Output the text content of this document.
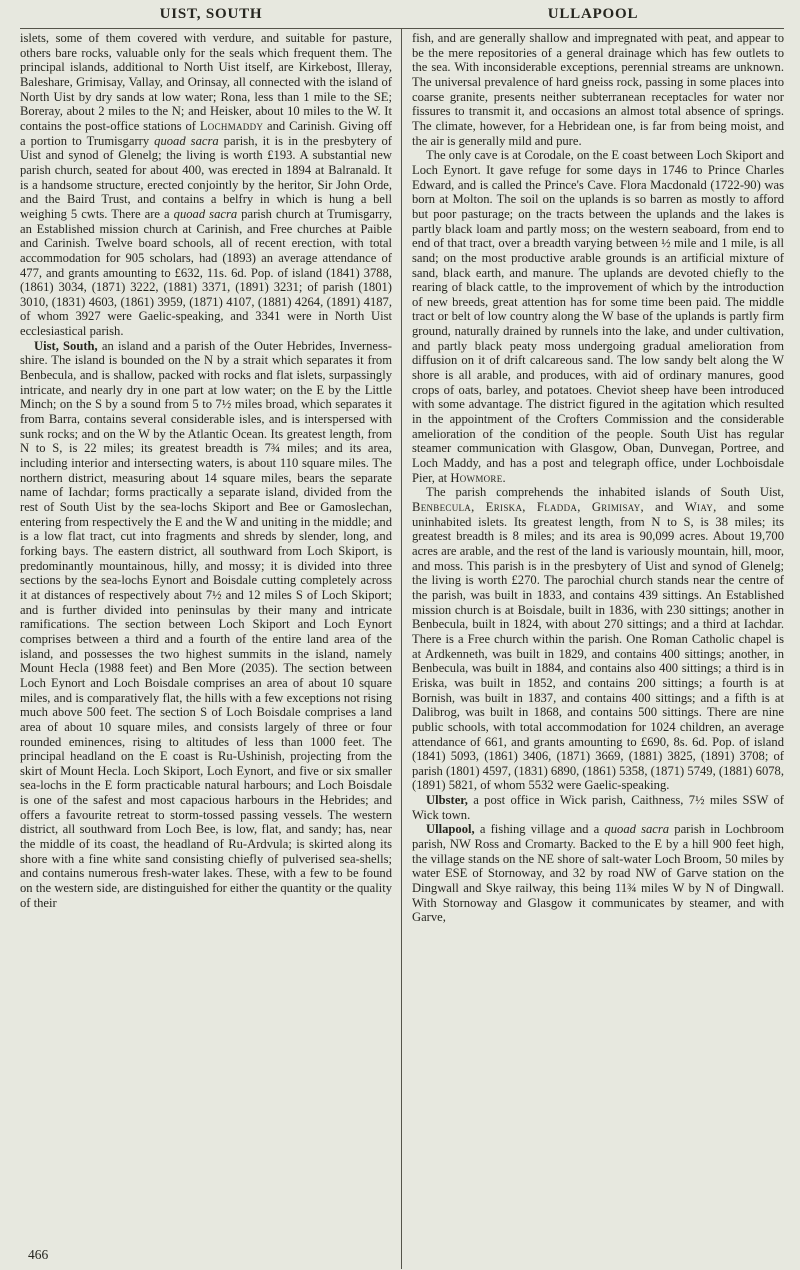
UIST, SOUTH	ULLAPOOL

islets, some of them covered with verdure, and suitable for pasture, others bare rocks, valuable only for the seals which frequent them. The principal islands, additional to North Uist itself, are Kirkebost, Illeray, Baleshare, Grimisay, Vallay, and Orinsay, all connected with the island of North Uist by dry sands at low water; Rona, less than 1 mile to the SE; Boreray, about 2 miles to the N; and Heisker, about 10 miles to the W. It contains the post-office stations of Lochmaddy and Carinish. Giving off a portion to Trumisgarry quoad sacra parish, it is in the presbytery of Uist and synod of Glenelg; the living is worth £193. A substantial new parish church, seated for about 400, was erected in 1894 at Balranald. It is a handsome structure, erected conjointly by the heritor, Sir John Orde, and the Baird Trust, and contains a belfry in which is hung a bell weighing 5 cwts. There are a quoad sacra parish church at Trumisgarry, an Established mission church at Carinish, and Free churches at Paible and Carinish. Twelve board schools, all of recent erection, with total accommodation for 905 scholars, had (1893) an average attendance of 477, and grants amounting to £632, 11s. 6d. Pop. of island (1841) 3788, (1861) 3034, (1871) 3222, (1881) 3371, (1891) 3231; of parish (1801) 3010, (1831) 4603, (1861) 3959, (1871) 4107, (1881) 4264, (1891) 4187, of whom 3927 were Gaelic-speaking, and 3341 were in North Uist ecclesiastical parish.

Uist, South, an island and a parish of the Outer Hebrides, Inverness-shire. The island is bounded on the N by a strait which separates it from Benbecula, and is shallow, packed with rocks and flat islets, surpassingly intricate, and nearly dry in one part at low water; on the E by the Little Minch; on the S by a sound from 5 to 7½ miles broad, which separates it from Barra, contains several considerable isles, and is interspersed with sunk rocks; and on the W by the Atlantic Ocean. Its greatest length, from N to S, is 22 miles; its greatest breadth is 7¾ miles; and its area, including interior and intersecting waters, is about 110 square miles. The northern district, measuring about 14 square miles, bears the separate name of Iachdar; forms practically a separate island, divided from the rest of South Uist by the sea-lochs Skiport and Bee or Gamoslechan, entering from respectively the E and the W and uniting in the middle; and is a low flat tract, cut into fragments and shreds by slender, long, and forking bays. The eastern district, all southward from Loch Skiport, is predominantly mountainous, hilly, and mossy; it is divided into three sections by the sea-lochs Eynort and Boisdale cutting completely across it at distances of respectively about 7½ and 12 miles S of Loch Skiport; and is further divided into peninsulas by their many and intricate ramifications. The section between Loch Skiport and Loch Eynort comprises between a third and a fourth of the entire land area of the island, and possesses the two highest summits in the island, namely Mount Hecla (1988 feet) and Ben More (2035). The section between Loch Eynort and Loch Boisdale comprises an area of about 10 square miles, and is comparatively flat, the hills with a few exceptions not rising much above 500 feet. The section S of Loch Boisdale comprises a land area of about 10 square miles, and consists largely of three or four rounded eminences, rising to altitudes of less than 1000 feet. The principal headland on the E coast is Ru-Ushinish, projecting from the skirt of Mount Hecla. Loch Skiport, Loch Eynort, and five or six smaller sea-lochs in the E form practicable natural harbours; and Loch Boisdale is one of the safest and most capacious harbours in the Hebrides; and offers a favourite retreat to storm-tossed passing vessels. The western district, all southward from Loch Bee, is low, flat, and sandy; has, near the middle of its coast, the headland of Ru-Ardvula; is skirted along its shore with a fine white sand consisting chiefly of pulverised sea-shells; and contains numerous fresh-water lakes. These, with a few to be found on the western side, are distinguished for either the quantity or the quality of their

fish, and are generally shallow and impregnated with peat, and appear to be the mere repositories of a general drainage which has few outlets to the sea. With inconsiderable exceptions, perennial streams are unknown. The universal prevalence of hard gneiss rock, passing in some places into coarse granite, presents neither subterranean receptacles for water nor fissures to transmit it, and occasions an almost total absence of springs. The climate, however, for a Hebridean one, is far from being moist, and the air is generally mild and pure.

The only cave is at Corodale, on the E coast between Loch Skiport and Loch Eynort. It gave refuge for some days in 1746 to Prince Charles Edward, and is called the Prince's Cave. Flora Macdonald (1722-90) was born at Molton. The soil on the uplands is so barren as mostly to afford but poor pasturage; on the tracts between the uplands and the lakes is partly black loam and partly moss; on the western seaboard, from end to end of that tract, over a breadth varying between ½ mile and 1 mile, is all sand; on the most productive arable grounds is an artificial mixture of sand, black earth, and manure. The uplands are devoted chiefly to the rearing of black cattle, to the improvement of which by the introduction of new breeds, great attention has for some time been paid. The middle tract or belt of low country along the W base of the uplands is partly firm ground, naturally drained by runnels into the lake, and under cultivation, and partly black peaty moss undergoing gradual amelioration from diffusion on it of drift calcareous sand. The low sandy belt along the W shore is all arable, and produces, with aid of ordinary manures, good crops of oats, barley, and potatoes. Cheviot sheep have been introduced with some advantage. The district figured in the agitation which resulted in the appointment of the Crofters Commission and the considerable amelioration of the condition of the people. South Uist has regular steamer communication with Glasgow, Oban, Dunvegan, Portree, and Loch Maddy, and has a post and telegraph office, under Lochboisdale Pier, at Howmore.

The parish comprehends the inhabited islands of South Uist, Benbecula, Eriska, Fladda, Grimisay, and Wiay, and some uninhabited islets. Its greatest length, from N to S, is 38 miles; its greatest breadth is 8 miles; and its area is 90,099 acres. About 19,700 acres are arable, and the rest of the land is variously mountain, hill, moor, and moss. This parish is in the presbytery of Uist and synod of Glenelg; the living is worth £270. The parochial church stands near the centre of the parish, was built in 1833, and contains 439 sittings. An Established mission church is at Boisdale, built in 1836, with 230 sittings; another in Benbecula, built in 1824, with about 270 sittings; and a third at Iachdar. There is a Free church within the parish. One Roman Catholic chapel is at Ardkenneth, was built in 1829, and contains 400 sittings; another, in Benbecula, was built in 1884, and contains also 400 sittings; a third is in Eriska, was built in 1852, and contains 200 sittings; a fourth is at Bornish, was built in 1837, and contains 400 sittings; and a fifth is at Dalibrog, was built in 1868, and contains 500 sittings. There are nine public schools, with total accommodation for 1024 children, an average attendance of 661, and grants amounting to £690, 8s. 6d. Pop. of island (1841) 5093, (1861) 3406, (1871) 3669, (1881) 3825, (1891) 3708; of parish (1801) 4597, (1831) 6890, (1861) 5358, (1871) 5749, (1881) 6078, (1891) 5821, of whom 5532 were Gaelic-speaking.

Ulbster, a post office in Wick parish, Caithness, 7½ miles SSW of Wick town.

Ullapool, a fishing village and a quoad sacra parish in Lochbroom parish, NW Ross and Cromarty. Backed to the E by a hill 900 feet high, the village stands on the NE shore of salt-water Loch Broom, 50 miles by water ESE of Stornoway, and 32 by road NW of Garve station on the Dingwall and Skye railway, this being 11¾ miles W by N of Dingwall. With Stornoway and Glasgow it communicates by steamer, and with Garve,

466
